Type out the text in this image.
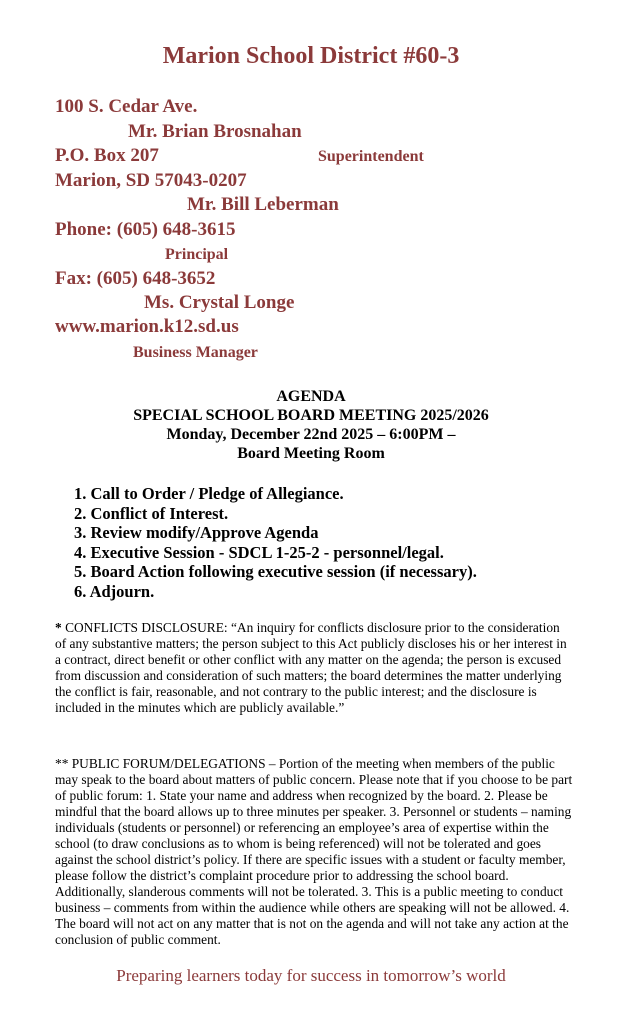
Marion School District #60-3
100 S. Cedar Ave.
P.O. Box 207
Marion, SD 57043-0207
Phone: (605) 648-3615
Fax: (605) 648-3652
www.marion.k12.sd.us
Mr. Brian Brosnahan
Superintendent
Mr. Bill Leberman
Principal
Ms. Crystal Longe
Business Manager
AGENDA
SPECIAL SCHOOL BOARD MEETING 2025/2026
Monday, December 22nd 2025 – 6:00PM –
Board Meeting Room
1. Call to Order / Pledge of Allegiance.
2. Conflict of Interest.
3. Review modify/Approve Agenda
4. Executive Session - SDCL 1-25-2 - personnel/legal.
5. Board Action following executive session (if necessary).
6. Adjourn.

* CONFLICTS DISCLOSURE: “An inquiry for conflicts disclosure prior to the consideration of any substantive matters; the person subject to this Act publicly discloses his or her interest in a contract, direct benefit or other conflict with any matter on the agenda; the person is excused from discussion and consideration of such matters; the board determines the matter underlying the conflict is fair, reasonable, and not contrary to the public interest; and the disclosure is included in the minutes which are publicly available.”

** PUBLIC FORUM/DELEGATIONS – Portion of the meeting when members of the public may speak to the board about matters of public concern. Please note that if you choose to be part of public forum: 1. State your name and address when recognized by the board. 2. Please be mindful that the board allows up to three minutes per speaker. 3. Personnel or students – naming individuals (students or personnel) or referencing an employee’s area of expertise within the school (to draw conclusions as to whom is being referenced) will not be tolerated and goes against the school district’s policy. If there are specific issues with a student or faculty member, please follow the district’s complaint procedure prior to addressing the school board. Additionally, slanderous comments will not be tolerated. 3. This is a public meeting to conduct business – comments from within the audience while others are speaking will not be allowed. 4. The board will not act on any matter that is not on the agenda and will not take any action at the conclusion of public comment.

Preparing learners today for success in tomorrow’s world
